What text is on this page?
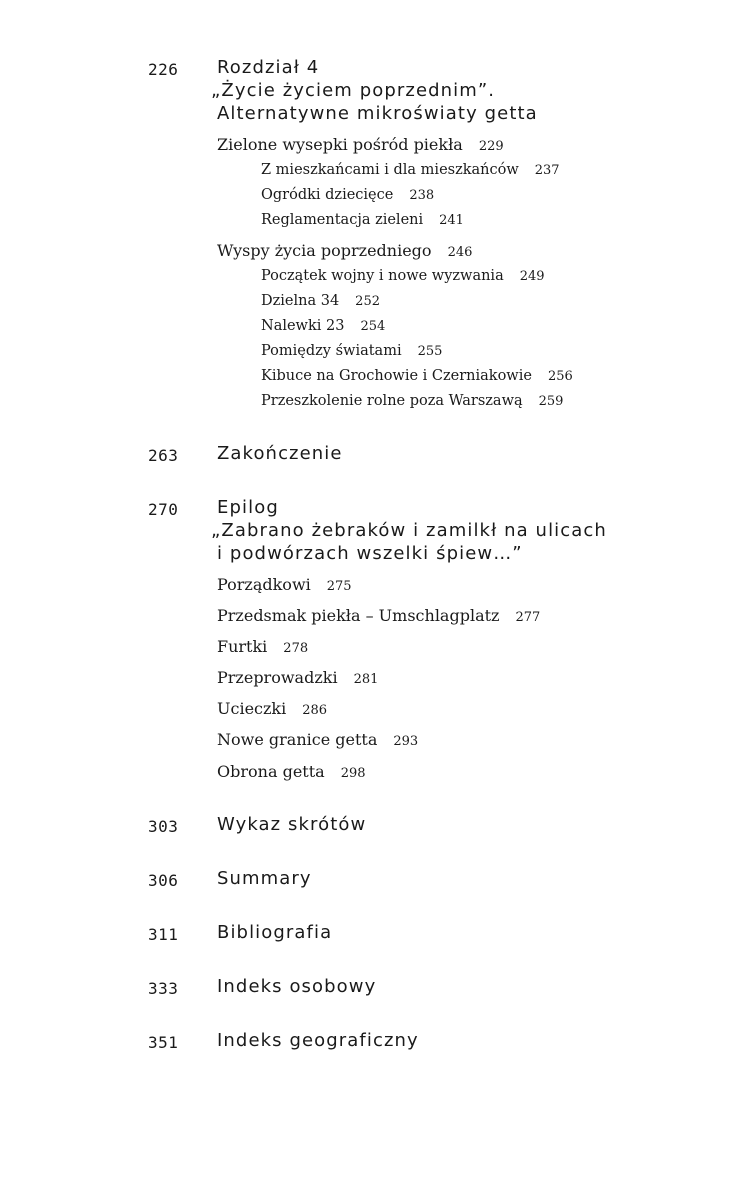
226 Rozdział 4
„Życie życiem poprzednim”.
Alternatywne mikroświaty getta
Zielone wysepki pośród piekła 229
Z mieszkańcami i dla mieszkańców 237
Ogródki dziecięce 238
Reglamentacja zieleni 241
Wyspy życia poprzedniego 246
Początek wojny i nowe wyzwania 249
Dzielna 34 252
Nalewki 23 254
Pomiędzy światami 255
Kibuce na Grochowie i Czerniakowie 256
Przeszkolenie rolne poza Warszawą 259
263 Zakończenie
270 Epilog
„Zabrano żebraków i zamilkł na ulicach
i podwórzach wszelki śpiew…”
Porządkowi 275
Przedsmak piekła – Umschlagplatz 277
Furtki 278
Przeprowadzki 281
Ucieczki 286
Nowe granice getta 293
Obrona getta 298
303 Wykaz skrótów
306 Summary
311 Bibliografia
333 Indeks osobowy
351 Indeks geograficzny
